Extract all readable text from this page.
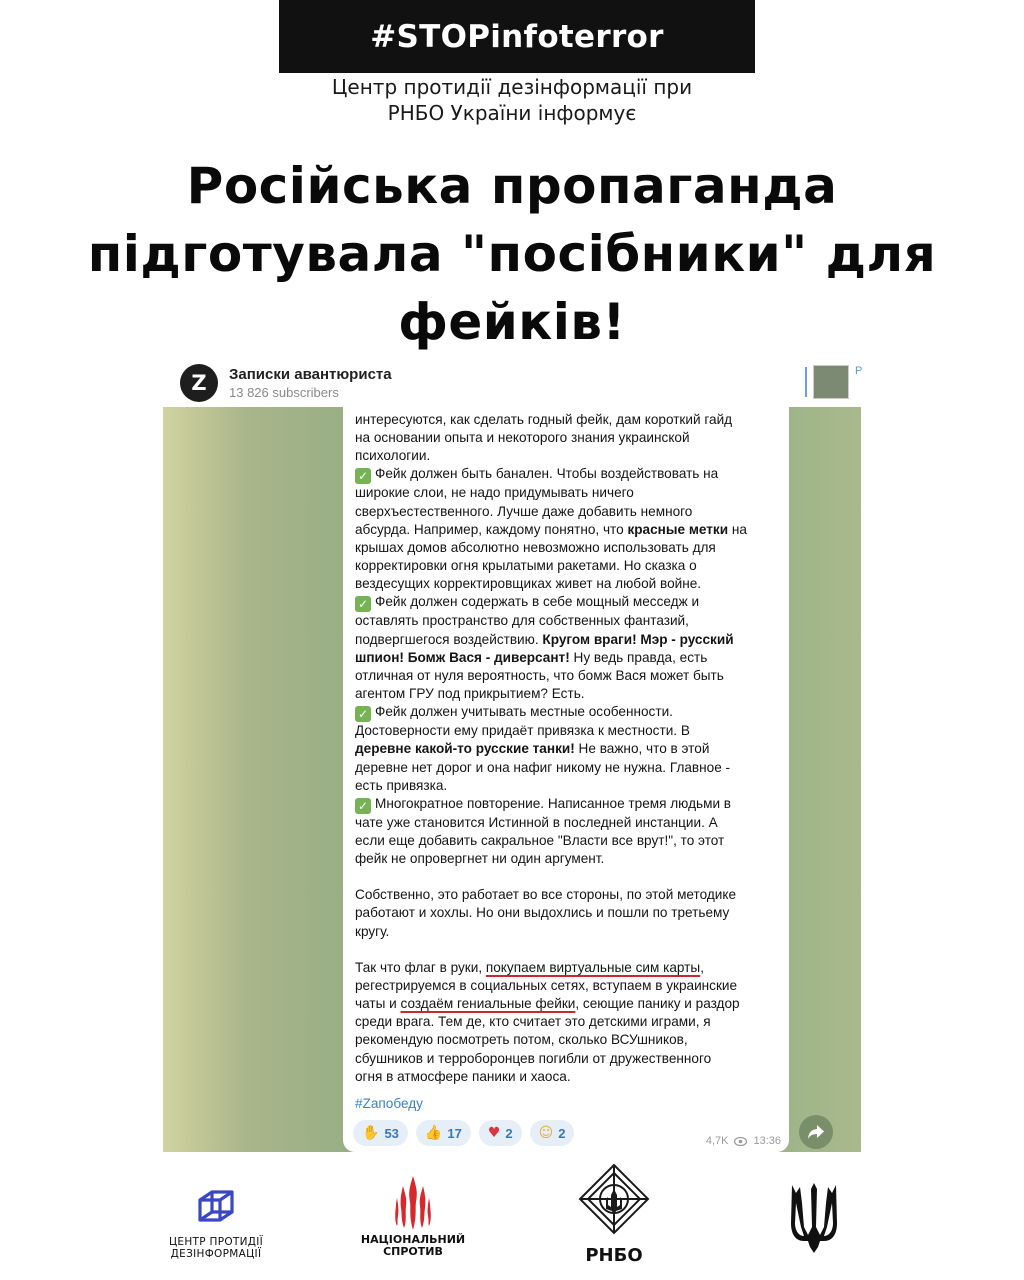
#STOPinfoterror
Центр протидії дезінформації при
РНБО України інформує
Російська пропаганда
підготувала "посібники" для
фейків!
Z	Записки авантюриста
13 826 subscribers
P
интересуются, как сделать годный фейк, дам короткий гайд
на основании опыта и некоторого знания украинской
психологии.
✓ Фейк должен быть банален. Чтобы воздействовать на
широкие слои, не надо придумывать ничего
сверхъестественного. Лучше даже добавить немного
абсурда. Например, каждому понятно, что красные метки на
крышах домов абсолютно невозможно использовать для
корректировки огня крылатыми ракетами. Но сказка о
вездесущих корректировщиках живет на любой войне.
✓ Фейк должен содержать в себе мощный месседж и
оставлять пространство для собственных фантазий,
подвергшегося воздействию. Кругом враги! Мэр - русский
шпион! Бомж Вася - диверсант! Ну ведь правда, есть
отличная от нуля вероятность, что бомж Вася может быть
агентом ГРУ под прикрытием? Есть.
✓ Фейк должен учитывать местные особенности.
Достоверности ему придаёт привязка к местности. В
деревне какой-то русские танки! Не важно, что в этой
деревне нет дорог и она нафиг никому не нужна. Главное -
есть привязка.
✓ Многократное повторение. Написанное тремя людьми в
чате уже становится Истинной в последней инстанции. А
если еще добавить сакральное "Власти все врут!", то этот
фейк не опровергнет ни один аргумент.
Собственно, это работает во все стороны, по этой методике
работают и хохлы. Но они выдохлись и пошли по третьему
кругу.
Так что флаг в руки, покупаем виртуальные сим карты,
регестрируемся в социальных сетях, вступаем в украинские
чаты и создаём гениальные фейки, сеющие панику и раздор
среди врага. Тем де, кто считает это детскими играми, я
рекомендую посмотреть потом, сколько ВСУшников,
сбушников и терроборонцев погибли от дружественного
огня в атмосфере паники и хаоса.
#Zапобеду
✋ 53 👍 17 ♥ 2 ☺ 2
4,7K 13:36
ЦЕНТР ПРОТИДІЇ
ДЕЗІНФОРМАЦІЇ
НАЦІОНАЛЬНИЙ
СПРОТИВ	РНБО
